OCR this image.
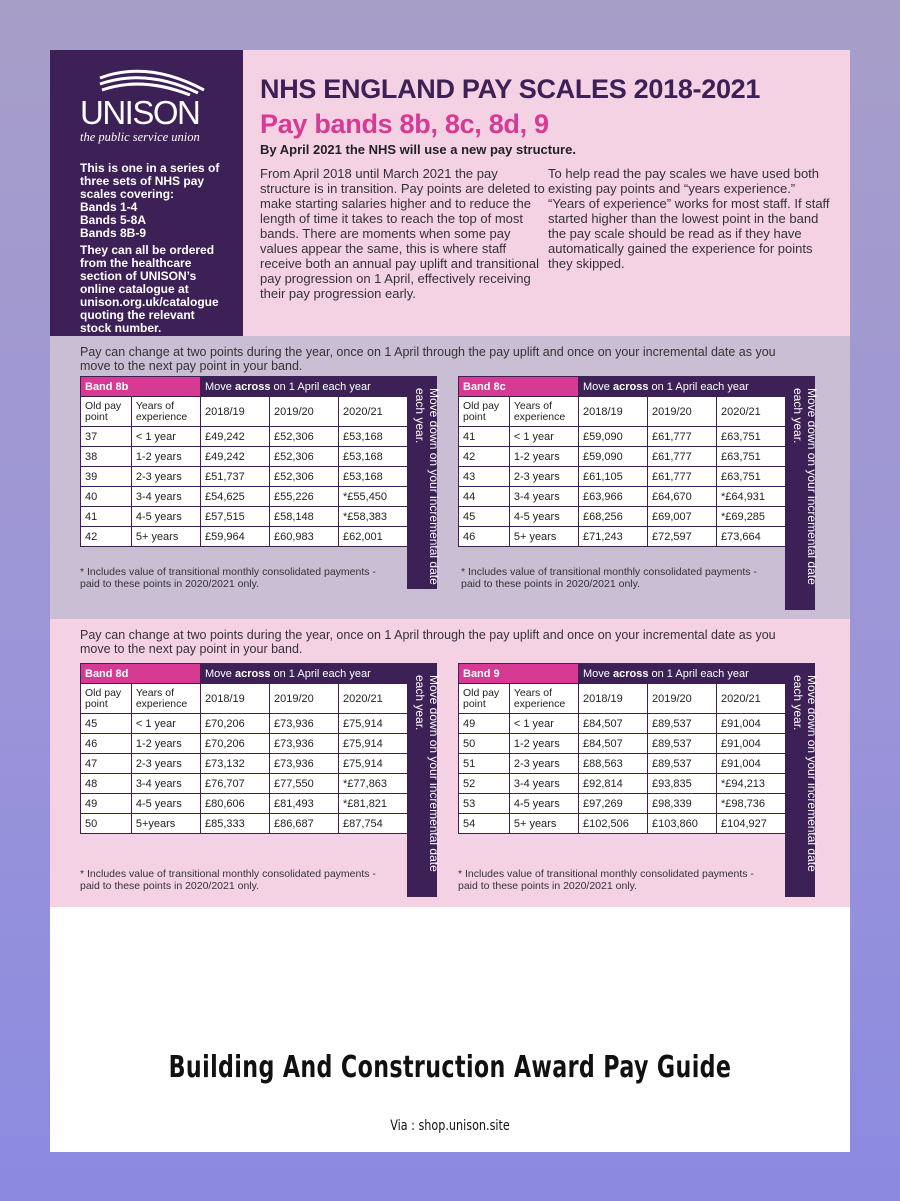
UNISON
the public service union

This is one in a series of three sets of NHS pay scales covering:

Bands 1-4
Bands 5-8A
Bands 8B-9

They can all be ordered from the healthcare section of UNISON’s online catalogue at unison.org.uk/catalogue quoting the relevant stock number.

NHS ENGLAND PAY SCALES 2018-2021
Pay bands 8b, 8c, 8d, 9
By April 2021 the NHS will use a new pay structure.
From April 2018 until March 2021 the pay structure is in transition. Pay points are deleted to make starting salaries higher and to reduce the length of time it takes to reach the top of most bands. There are moments when some pay values appear the same, this is where staff receive both an annual pay uplift and transitional pay progression on 1 April, effectively receiving their pay progression early.
To help read the pay scales we have used both existing pay points and “years experience.” “Years of experience” works for most staff. If staff started higher than the lowest point in the band the pay scale should be read as if they have automatically gained the experience for points they skipped.
Pay can change at two points during the year, once on 1 April through the pay uplift and once on your incremental date as you move to the next pay point in your band.
Band 8b		Move across on 1 April each year		
Old pay point	Years of experience	2018/19	2019/20	2020/21
37	< 1 year	£49,242	£52,306	£53,168
38	1-2 years	£49,242	£52,306	£53,168
39	2-3 years	£51,737	£52,306	£53,168
40	3-4 years	£54,625	£55,226	*£55,450
41	4-5 years	£57,515	£58,148	*£58,383
42	5+ years	£59,964	£60,983	£62,001	Move down on your incremental date each year.
* Includes value of transitional monthly consolidated payments - paid to these points in 2020/2021 only.
Band 8c		Move across on 1 April each year		
Old pay point	Years of experience	2018/19	2019/20	2020/21
41	< 1 year	£59,090	£61,777	£63,751
42	1-2 years	£59,090	£61,777	£63,751
43	2-3 years	£61,105	£61,777	£63,751
44	3-4 years	£63,966	£64,670	*£64,931
45	4-5 years	£68,256	£69,007	*£69,285
46	5+ years	£71,243	£72,597	£73,664	Move down on your incremental date each year.
* Includes value of transitional monthly consolidated payments - paid to these points in 2020/2021 only.
Pay can change at two points during the year, once on 1 April through the pay uplift and once on your incremental date as you move to the next pay point in your band.
Band 8d		Move across on 1 April each year		
Old pay point	Years of experience	2018/19	2019/20	2020/21
45	< 1 year	£70,206	£73,936	£75,914
46	1-2 years	£70,206	£73,936	£75,914
47	2-3 years	£73,132	£73,936	£75,914
48	3-4 years	£76,707	£77,550	*£77,863
49	4-5 years	£80,606	£81,493	*£81,821
50	5+years	£85,333	£86,687	£87,754	Move down on your incremental date each year.
* Includes value of transitional monthly consolidated payments - paid to these points in 2020/2021 only.
Band 9		Move across on 1 April each year		
Old pay point	Years of experience	2018/19	2019/20	2020/21
49	< 1 year	£84,507	£89,537	£91,004
50	1-2 years	£84,507	£89,537	£91,004
51	2-3 years	£88,563	£89,537	£91,004
52	3-4 years	£92,814	£93,835	*£94,213
53	4-5 years	£97,269	£98,339	*£98,736
54	5+ years	£102,506	£103,860	£104,927	Move down on your incremental date each year.
* Includes value of transitional monthly consolidated payments - paid to these points in 2020/2021 only.
Building And Construction Award Pay Guide
Via : shop.unison.site
